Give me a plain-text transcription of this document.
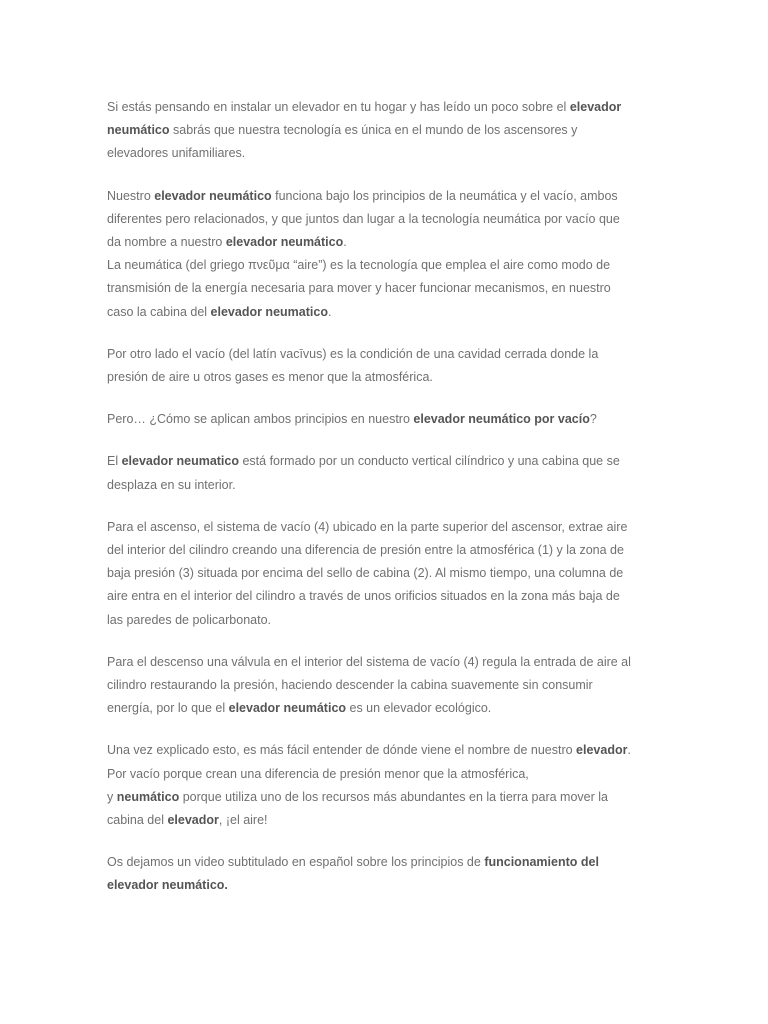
Si estás pensando en instalar un elevador en tu hogar y has leído un poco sobre el elevador
neumático sabrás que nuestra tecnología es única en el mundo de los ascensores y
elevadores unifamiliares.

Nuestro elevador neumático funciona bajo los principios de la neumática y el vacío, ambos
diferentes pero relacionados, y que juntos dan lugar a la tecnología neumática por vacío que
da nombre a nuestro elevador neumático.
La neumática (del griego πνεῦμα “aire”) es la tecnología que emplea el aire como modo de
transmisión de la energía necesaria para mover y hacer funcionar mecanismos, en nuestro
caso la cabina del elevador neumatico.

Por otro lado el vacío (del latín vacīvus) es la condición de una cavidad cerrada donde la
presión de aire u otros gases es menor que la atmosférica.

Pero… ¿Cómo se aplican ambos principios en nuestro elevador neumático por vacío?

El elevador neumatico está formado por un conducto vertical cilíndrico y una cabina que se
desplaza en su interior.

Para el ascenso, el sistema de vacío (4) ubicado en la parte superior del ascensor, extrae aire
del interior del cilindro creando una diferencia de presión entre la atmosférica (1) y la zona de
baja presión (3) situada por encima del sello de cabina (2). Al mismo tiempo, una columna de
aire entra en el interior del cilindro a través de unos orificios situados en la zona más baja de
las paredes de policarbonato.

Para el descenso una válvula en el interior del sistema de vacío (4) regula la entrada de aire al
cilindro restaurando la presión, haciendo descender la cabina suavemente sin consumir
energía, por lo que el elevador neumático es un elevador ecológico.

Una vez explicado esto, es más fácil entender de dónde viene el nombre de nuestro elevador.
Por vacío porque crean una diferencia de presión menor que la atmosférica,
y neumático porque utiliza uno de los recursos más abundantes en la tierra para mover la
cabina del elevador, ¡el aire!

Os dejamos un video subtitulado en español sobre los principios de funcionamiento del
elevador neumático.
